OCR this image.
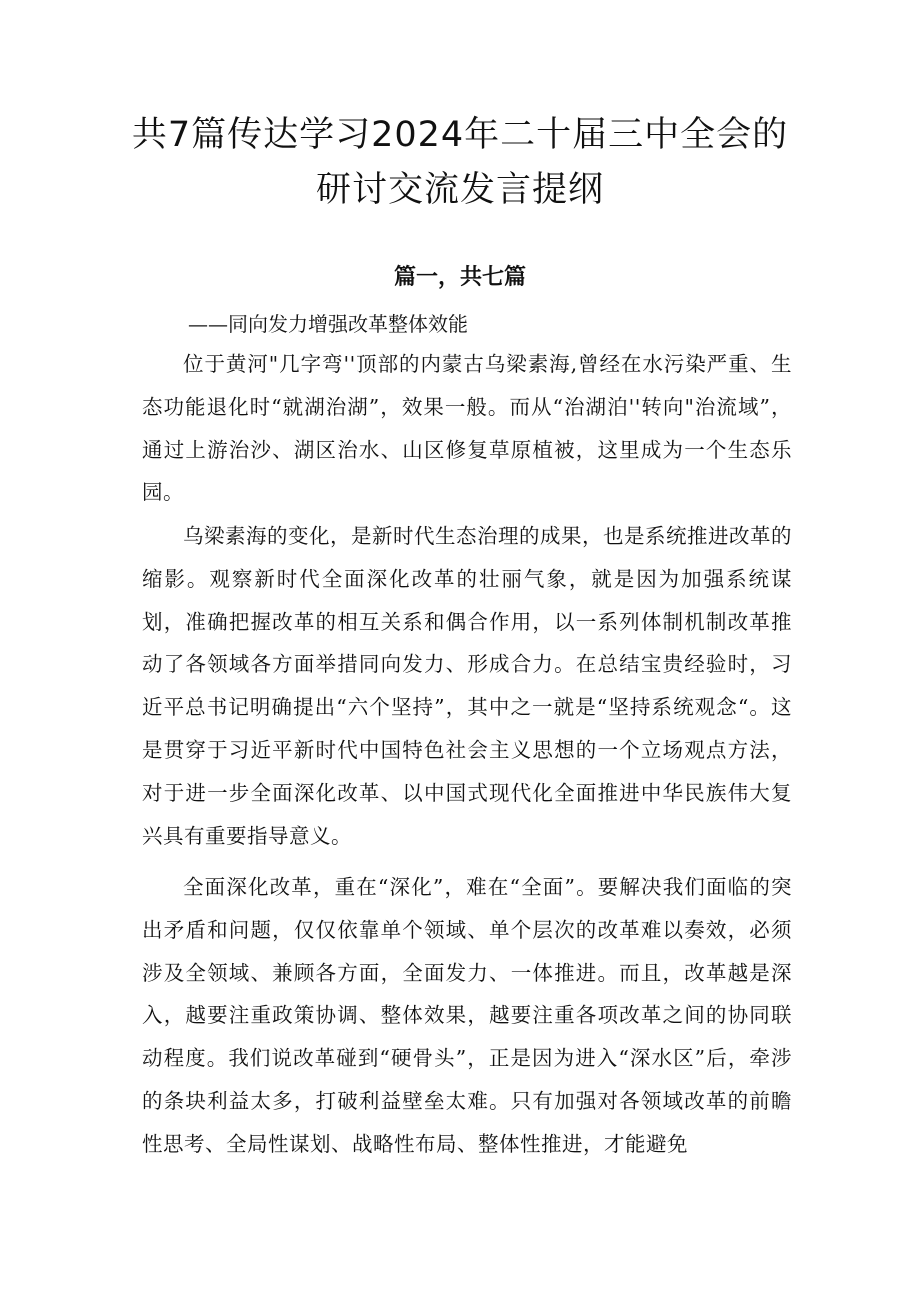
共7篇传达学习2024年二十届三中全会的
研讨交流发言提纲
篇一，共七篇

——同向发力增强改革整体效能

位于黄河"几字弯''顶部的内蒙古乌梁素海,曾经在水污染严重、生态功能退化时“就湖治湖”，效果一般。而从“治湖泊''转向"治流域”，通过上游治沙、湖区治水、山区修复草原植被，这里成为一个生态乐园。

乌梁素海的变化，是新时代生态治理的成果，也是系统推进改革的缩影。观察新时代全面深化改革的壮丽气象，就是因为加强系统谋划，准确把握改革的相互关系和偶合作用，以一系列体制机制改革推动了各领域各方面举措同向发力、形成合力。在总结宝贵经验时，习近平总书记明确提出“六个坚持”，其中之一就是“坚持系统观念“。这是贯穿于习近平新时代中国特色社会主义思想的一个立场观点方法，对于进一步全面深化改革、以中国式现代化全面推进中华民族伟大复兴具有重要指导意义。

全面深化改革，重在“深化”，难在“全面”。要解决我们面临的突出矛盾和问题，仅仅依靠单个领域、单个层次的改革难以奏效，必须涉及全领域、兼顾各方面，全面发力、一体推进。而且，改革越是深入，越要注重政策协调、整体效果，越要注重各项改革之间的协同联动程度。我们说改革碰到“硬骨头”，正是因为进入“深水区”后，牵涉的条块利益太多，打破利益壁垒太难。只有加强对各领域改革的前瞻性思考、全局性谋划、战略性布局、整体性推进，才能避免
